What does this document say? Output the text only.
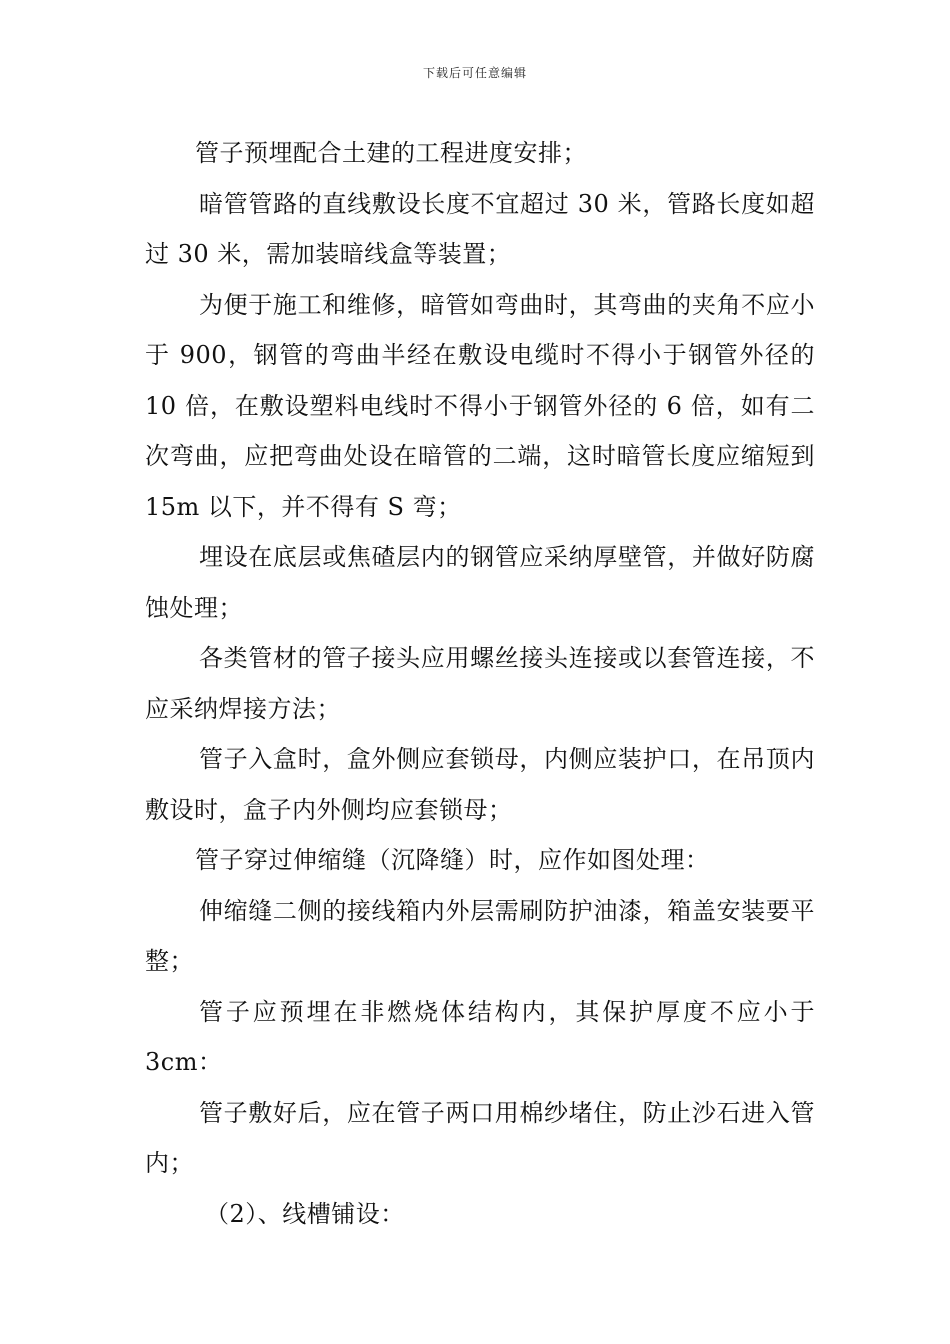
下载后可任意编辑

管子预埋配合土建的工程进度安排；

暗管管路的直线敷设长度不宜超过 30 米，管路长度如超过 30 米，需加装暗线盒等装置；

为便于施工和维修，暗管如弯曲时，其弯曲的夹角不应小于 900，钢管的弯曲半经在敷设电缆时不得小于钢管外径的 10 倍，在敷设塑料电线时不得小于钢管外径的 6 倍，如有二次弯曲，应把弯曲处设在暗管的二端，这时暗管长度应缩短到 15m 以下，并不得有 S 弯；

埋设在底层或焦碴层内的钢管应采纳厚壁管，并做好防腐蚀处理；

各类管材的管子接头应用螺丝接头连接或以套管连接，不应采纳焊接方法；

管子入盒时，盒外侧应套锁母，内侧应装护口，在吊顶内敷设时，盒子内外侧均应套锁母；

管子穿过伸缩缝（沉降缝）时，应作如图处理：

伸缩缝二侧的接线箱内外层需刷防护油漆，箱盖安装要平整；

管子应预埋在非燃烧体结构内，其保护厚度不应小于 3cm：

管子敷好后，应在管子两口用棉纱堵住，防止沙石进入管内；

（2）、线槽铺设：
